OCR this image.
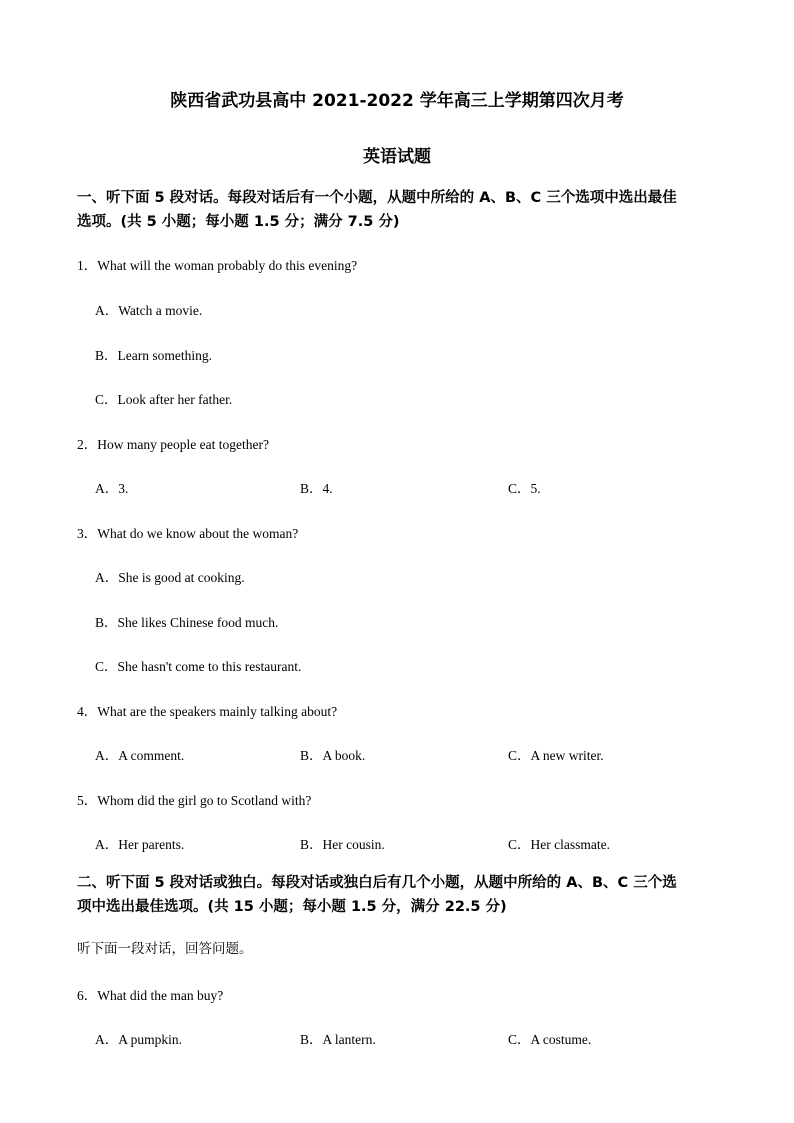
陕西省武功县高中 2021-2022 学年高三上学期第四次月考
英语试题
一、听下面 5 段对话。每段对话后有一个小题，从题中所给的 A、B、C 三个选项中选出最佳
选项。(共 5 小题；每小题 1.5 分；满分 7.5 分)
1．What will the woman probably do this evening?
A．Watch a movie.
B．Learn something.
C．Look after her father.
2．How many people eat together?
A．3.	B．4.	C．5.
3．What do we know about the woman?
A．She is good at cooking.
B．She likes Chinese food much.
C．She hasn't come to this restaurant.
4．What are the speakers mainly talking about?
A．A comment.	B．A book.	C．A new writer.
5．Whom did the girl go to Scotland with?
A．Her parents.	B．Her cousin.	C．Her classmate.
二、听下面 5 段对话或独白。每段对话或独白后有几个小题，从题中所给的 A、B、C 三个选
项中选出最佳选项。(共 15 小题；每小题 1.5 分，满分 22.5 分)
听下面一段对话，回答问题。
6．What did the man buy?
A．A pumpkin.	B．A lantern.	C．A costume.
